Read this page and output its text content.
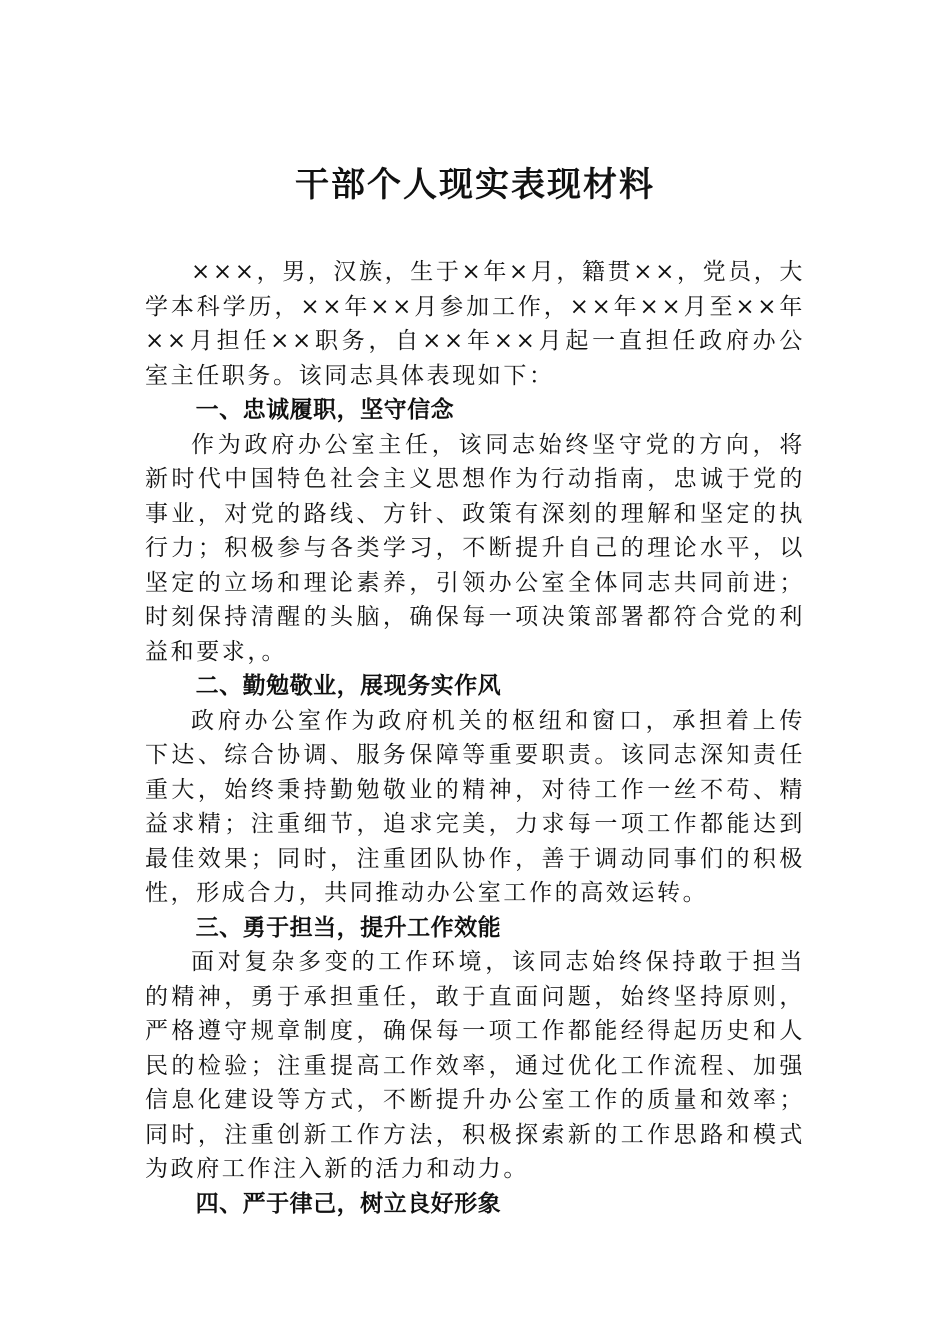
干部个人现实表现材料

×××，男，汉族，生于×年×月，籍贯××，党员，大学本科学历，××年××月参加工作，××年××月至××年××月担任××职务，自××年××月起一直担任政府办公室主任职务。该同志具体表现如下：

一、忠诚履职，坚守信念

作为政府办公室主任，该同志始终坚守党的方向，将新时代中国特色社会主义思想作为行动指南，忠诚于党的事业，对党的路线、方针、政策有深刻的理解和坚定的执行力；积极参与各类学习，不断提升自己的理论水平，以坚定的立场和理论素养，引领办公室全体同志共同前进；时刻保持清醒的头脑，确保每一项决策部署都符合党的利益和要求，。

二、勤勉敬业，展现务实作风

政府办公室作为政府机关的枢纽和窗口，承担着上传下达、综合协调、服务保障等重要职责。该同志深知责任重大，始终秉持勤勉敬业的精神，对待工作一丝不苟、精益求精；注重细节，追求完美，力求每一项工作都能达到最佳效果；同时，注重团队协作，善于调动同事们的积极性，形成合力，共同推动办公室工作的高效运转。

三、勇于担当，提升工作效能

面对复杂多变的工作环境，该同志始终保持敢于担当的精神，勇于承担重任，敢于直面问题，始终坚持原则，严格遵守规章制度，确保每一项工作都能经得起历史和人民的检验；注重提高工作效率，通过优化工作流程、加强信息化建设等方式，不断提升办公室工作的质量和效率；同时，注重创新工作方法，积极探索新的工作思路和模式为政府工作注入新的活力和动力。

四、严于律己，树立良好形象
